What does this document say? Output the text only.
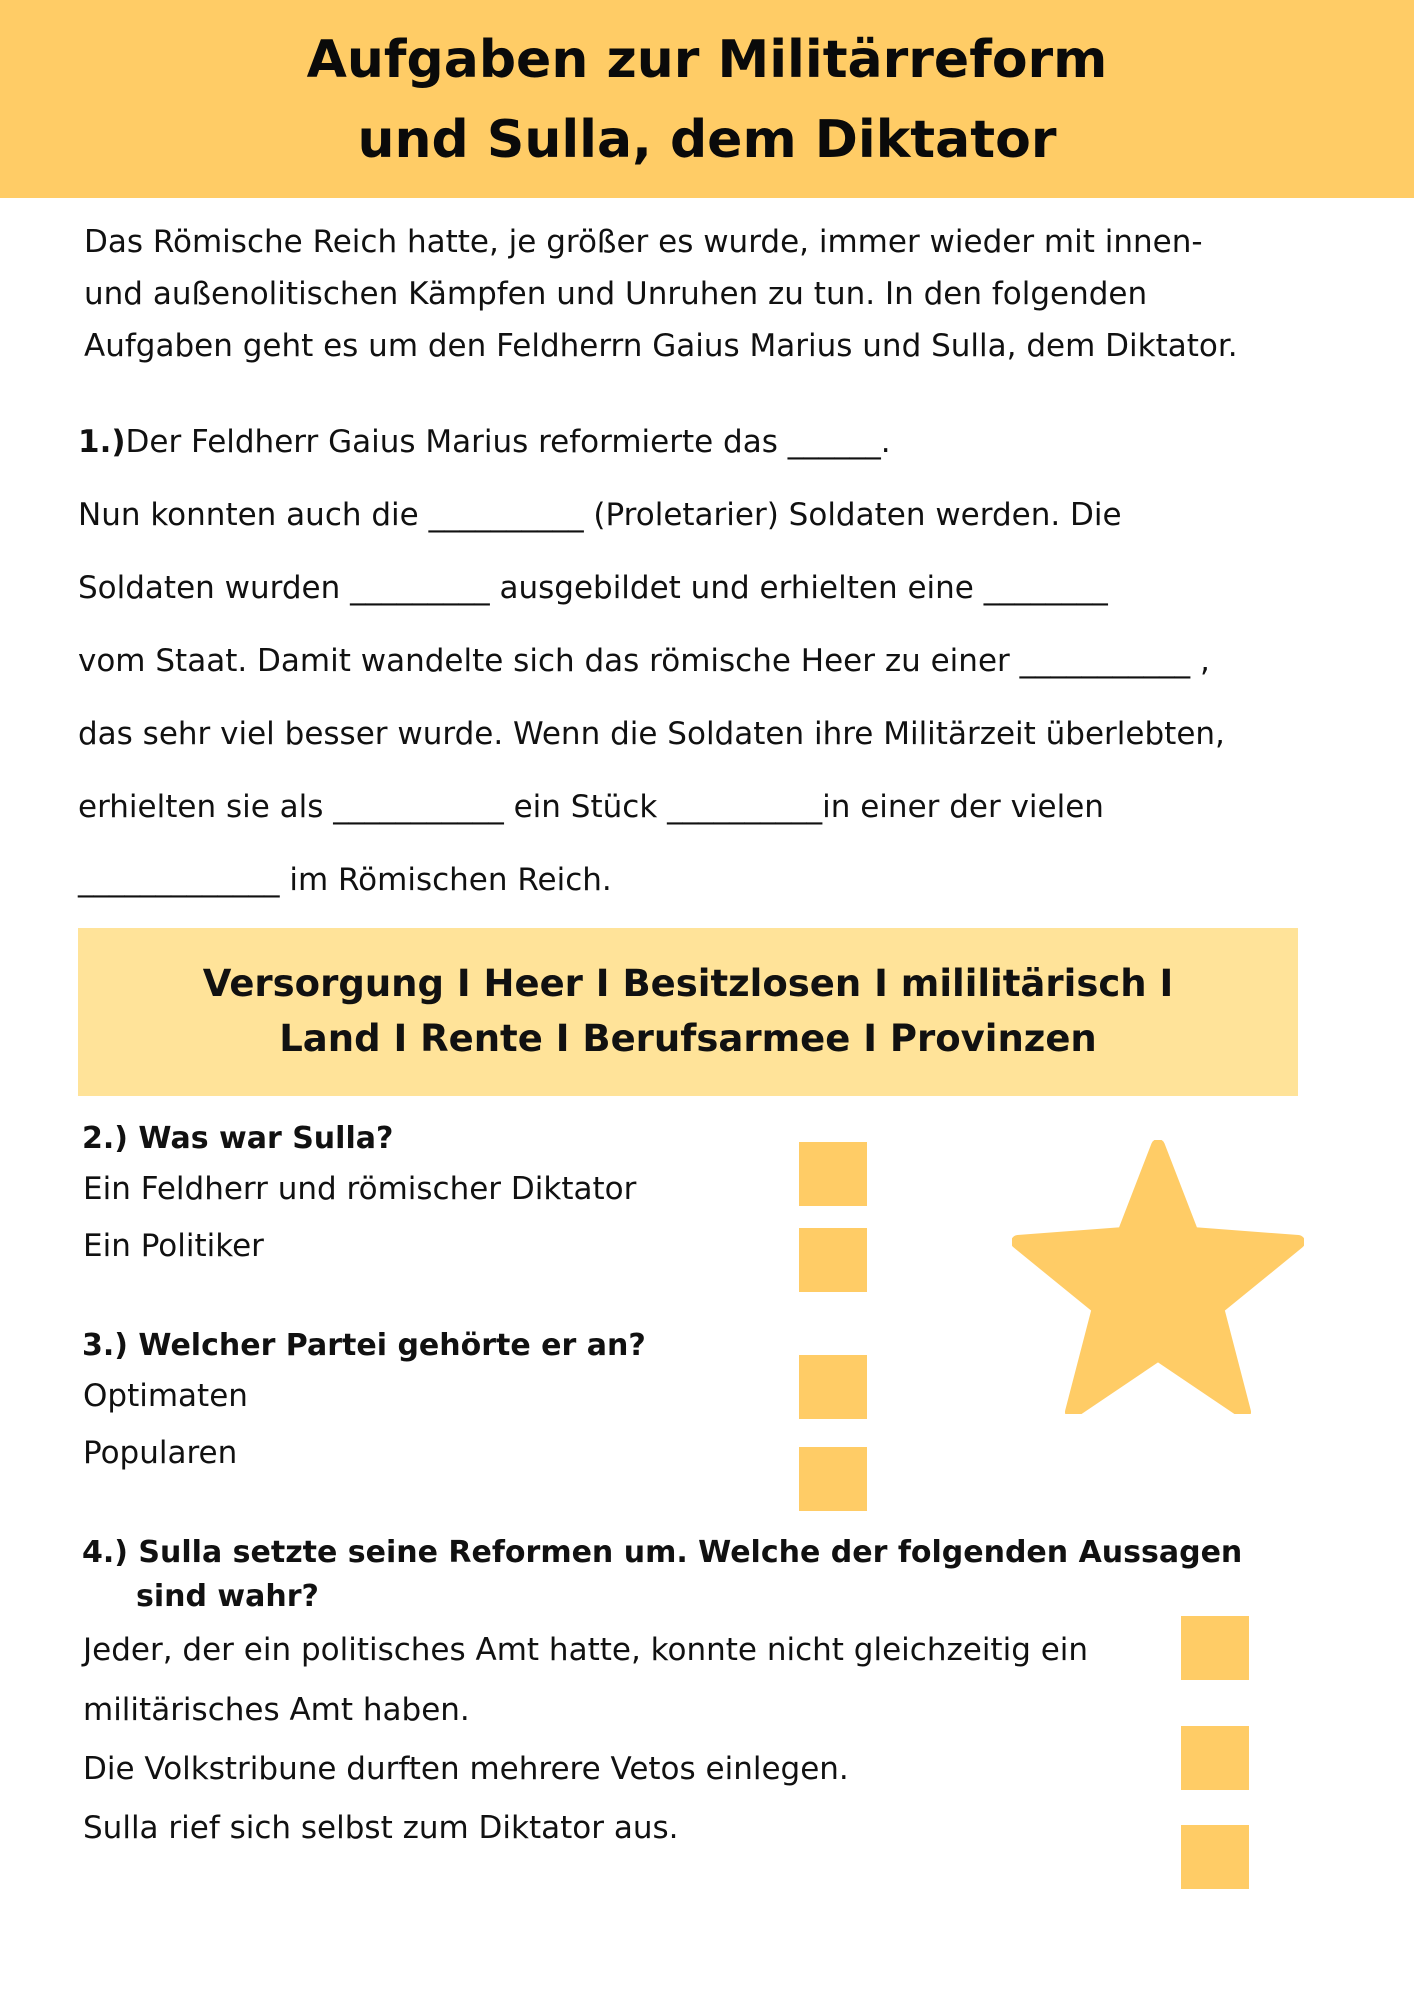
Aufgaben zur Militärreform
und Sulla, dem Diktator
Das Römische Reich hatte, je größer es wurde, immer wieder mit innen-
und außenolitischen Kämpfen und Unruhen zu tun. In den folgenden
Aufgaben geht es um den Feldherrn Gaius Marius und Sulla, dem Diktator.
1.)Der Feldherr Gaius Marius reformierte das ______.
Nun konnten auch die __________ (Proletarier) Soldaten werden. Die
Soldaten wurden _________ ausgebildet und erhielten eine ________
vom Staat. Damit wandelte sich das römische Heer zu einer ___________ ,
das sehr viel besser wurde. Wenn die Soldaten ihre Militärzeit überlebten,
erhielten sie als ___________ ein Stück __________in einer der vielen
_____________ im Römischen Reich.
Versorgung I Heer I Besitzlosen I mililitärisch I
Land I Rente I Berufsarmee I Provinzen
2.) Was war Sulla?
Ein Feldherr und römischer Diktator
Ein Politiker
3.) Welcher Partei gehörte er an?
Optimaten
Popularen
4.) Sulla setzte seine Reformen um. Welche der folgenden Aussagen
sind wahr?
Jeder, der ein politisches Amt hatte, konnte nicht gleichzeitig ein
militärisches Amt haben.
Die Volkstribune durften mehrere Vetos einlegen.
Sulla rief sich selbst zum Diktator aus.
